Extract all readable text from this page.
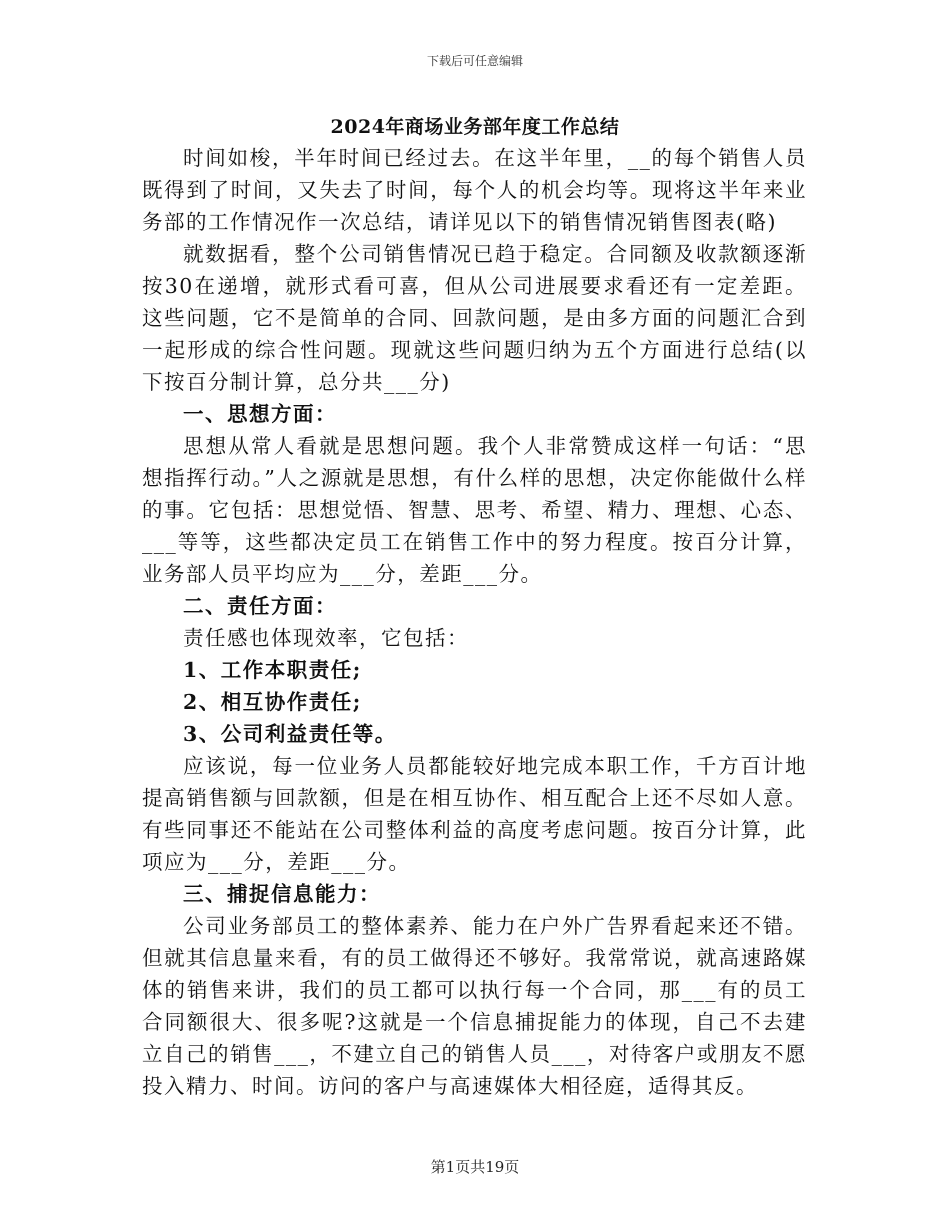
下载后可任意编辑
2024年商场业务部年度工作总结

时间如梭，半年时间已经过去。在这半年里，__的每个销售人员既得到了时间，又失去了时间，每个人的机会均等。现将这半年来业务部的工作情况作一次总结，请详见以下的销售情况销售图表(略)

就数据看，整个公司销售情况已趋于稳定。合同额及收款额逐渐按30在递增，就形式看可喜，但从公司进展要求看还有一定差距。这些问题，它不是简单的合同、回款问题，是由多方面的问题汇合到一起形成的综合性问题。现就这些问题归纳为五个方面进行总结(以下按百分制计算，总分共___分)

一、思想方面：

思想从常人看就是思想问题。我个人非常赞成这样一句话：“思想指挥行动。”人之源就是思想，有什么样的思想，决定你能做什么样的事。它包括：思想觉悟、智慧、思考、希望、精力、理想、心态、___等等，这些都决定员工在销售工作中的努力程度。按百分计算，业务部人员平均应为___分，差距___分。

二、责任方面：

责任感也体现效率，它包括：

1、工作本职责任;

2、相互协作责任;

3、公司利益责任等。

应该说，每一位业务人员都能较好地完成本职工作，千方百计地提高销售额与回款额，但是在相互协作、相互配合上还不尽如人意。有些同事还不能站在公司整体利益的高度考虑问题。按百分计算，此项应为___分，差距___分。

三、捕捉信息能力：

公司业务部员工的整体素养、能力在户外广告界看起来还不错。但就其信息量来看，有的员工做得还不够好。我常常说，就高速路媒体的销售来讲，我们的员工都可以执行每一个合同，那___有的员工合同额很大、很多呢?这就是一个信息捕捉能力的体现，自己不去建立自己的销售___，不建立自己的销售人员___，对待客户或朋友不愿投入精力、时间。访问的客户与高速媒体大相径庭，适得其反。

第1页共19页
